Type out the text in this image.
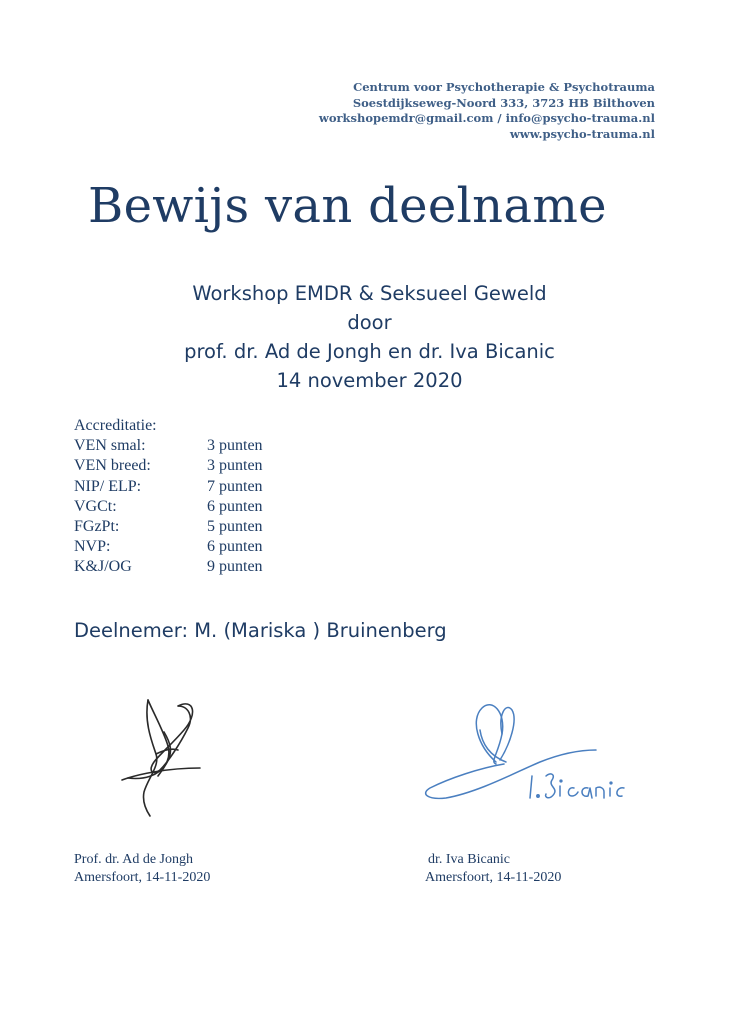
Centrum voor Psychotherapie & Psychotrauma
Soestdijkseweg-Noord 333, 3723 HB Bilthoven
workshopemdr@gmail.com / info@psycho-trauma.nl
www.psycho-trauma.nl
Bewijs van deelname
Workshop EMDR & Seksueel Geweld
door
prof. dr. Ad de Jongh en dr. Iva Bicanic
14 november 2020
Accreditatie:
VEN smal:	3 punten
VEN breed:	3 punten
NIP/ ELP:	7 punten
VGCt:	6 punten
FGzPt:	5 punten
NVP:	6 punten
K&J/OG	9 punten
Deelnemer: M. (Mariska ) Bruinenberg
Prof. dr. Ad de Jongh
Amersfoort, 14-11-2020
dr. Iva Bicanic
Amersfoort, 14-11-2020
